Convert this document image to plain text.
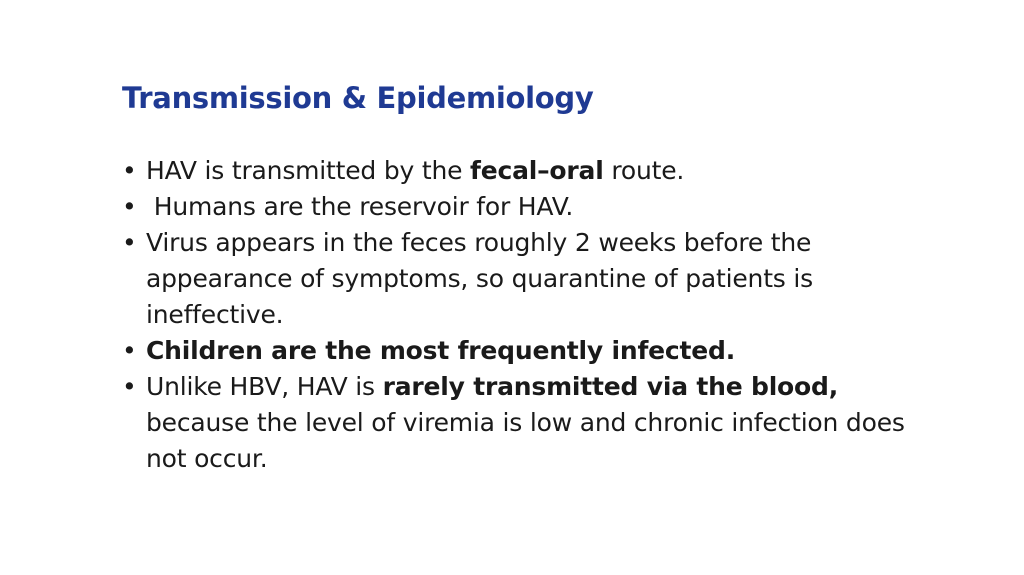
Transmission & Epidemiology
• HAV is transmitted by the fecal–oral route.
• Humans are the reservoir for HAV.
• Virus appears in the feces roughly 2 weeks before the appearance of symptoms, so quarantine of patients is ineffective.
• Children are the most frequently infected.
• Unlike HBV, HAV is rarely transmitted via the blood, because the level of viremia is low and chronic infection does not occur.
